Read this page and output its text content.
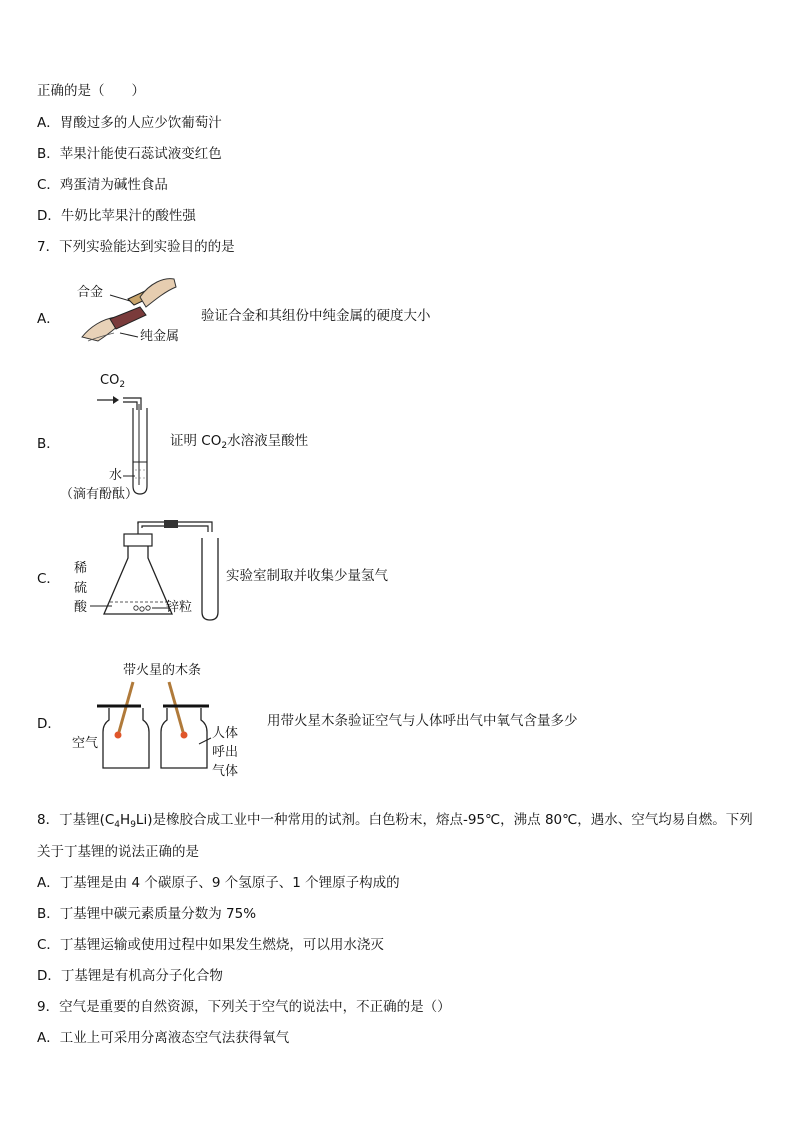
正确的是（　　）
A．胃酸过多的人应少饮葡萄汁
B．苹果汁能使石蕊试液变红色
C．鸡蛋清为碱性食品
D．牛奶比苹果汁的酸性强
7．下列实验能达到实验目的的是
A．
合金
纯金属
验证合金和其组份中纯金属的硬度大小
$CO_2$
B．	证明 $CO_2$水溶液呈酸性
水
（滴有酚酞）
C．
稀
硫
酸	锌粒
实验室制取并收集少量氢气
带火星的木条
D．
空气
人体
呼出
气体
用带火星木条验证空气与人体呼出气中氧气含量多少
8．丁基锂$(C_4H_9Li)$是橡胶合成工业中一种常用的试剂。白色粉末，熔点-95℃，沸点 80℃，遇水、空气均易自燃。下列
关于丁基锂的说法正确的是
A．丁基锂是由 4 个碳原子、9 个氢原子、1 个锂原子构成的
B．丁基锂中碳元素质量分数为 75%
C．丁基锂运输或使用过程中如果发生燃烧，可以用水浇灭
D．丁基锂是有机高分子化合物
9．空气是重要的自然资源，下列关于空气的说法中，不正确的是（）
A．工业上可采用分离液态空气法获得氧气
